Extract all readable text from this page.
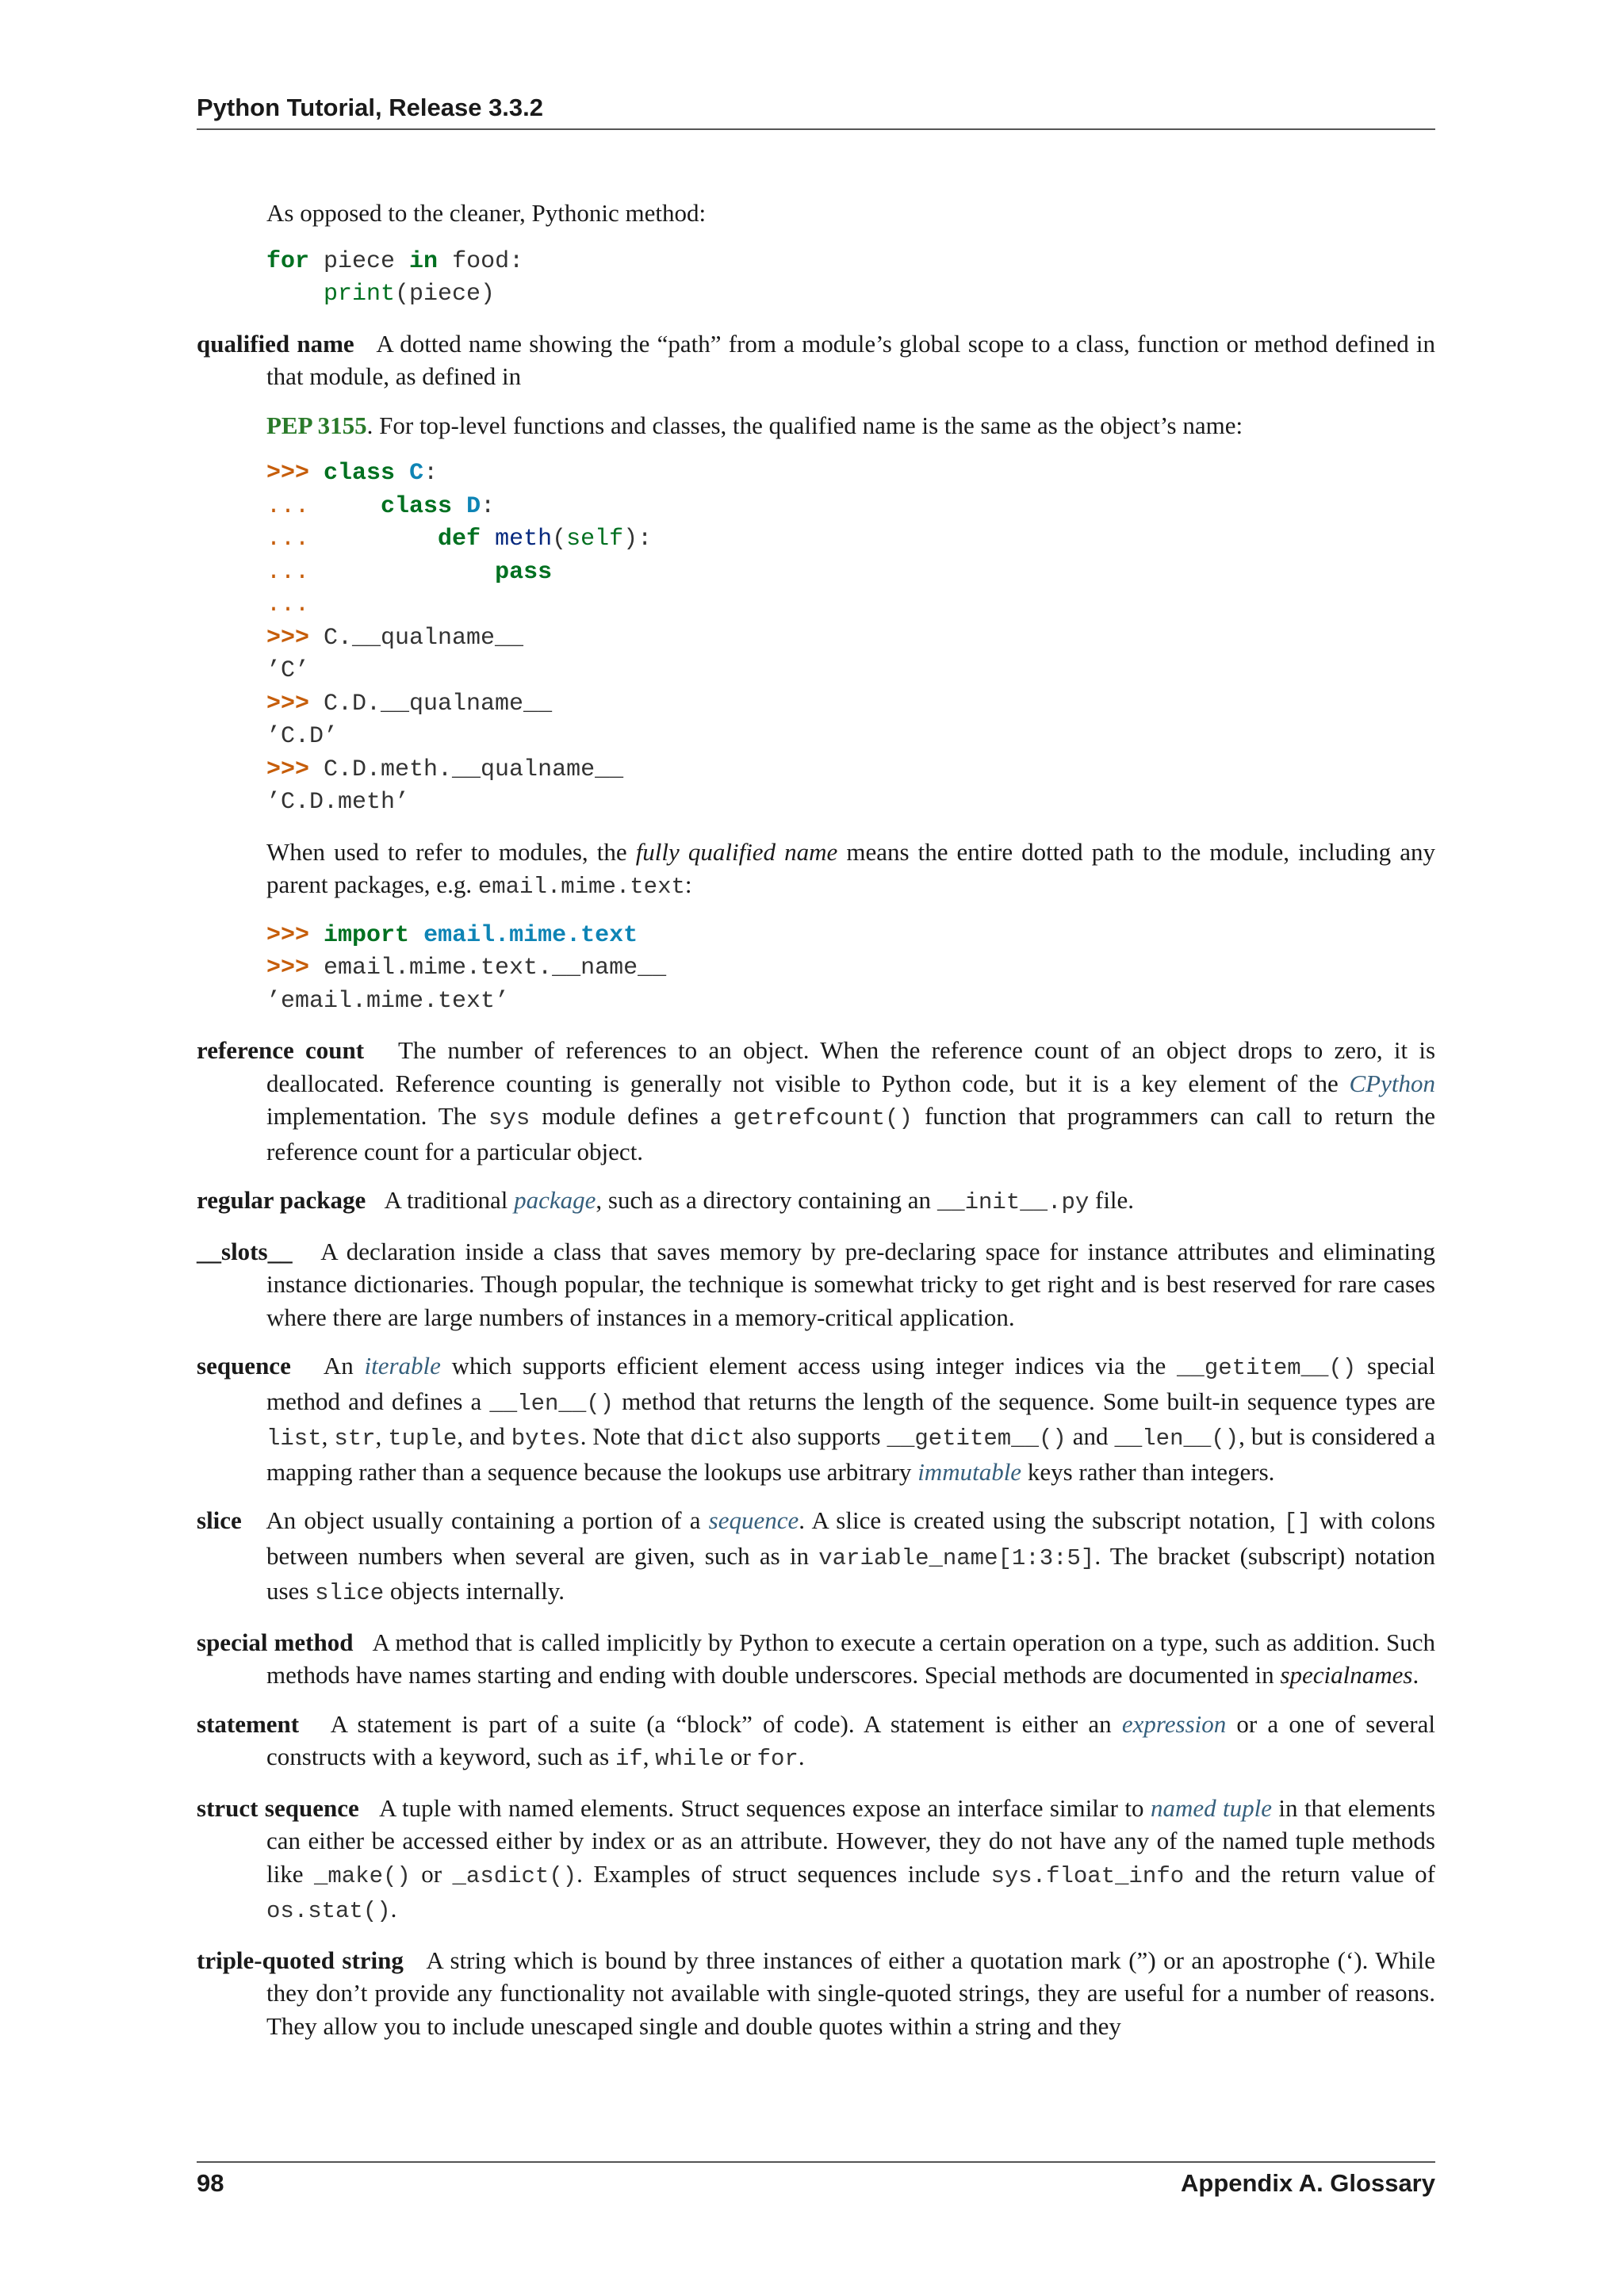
Python Tutorial, Release 3.3.2

As opposed to the cleaner, Pythonic method:

for piece in food:
print(piece)
qualified name A dotted name showing the “path” from a module’s global scope to a class, function or method defined in that module, as defined in

PEP 3155. For top-level functions and classes, the qualified name is the same as the object’s name:

>>> class C:
...	class D:
...	def meth(self):
...	pass
...
>>> C.__qualname__
’C’
>>> C.D.__qualname__
’C.D’
>>> C.D.meth.__qualname__
’C.D.meth’

When used to refer to modules, the fully qualified name means the entire dotted path to the module, including any parent packages, e.g. email.mime.text:

>>> import email.mime.text
>>> email.mime.text.__name__
’email.mime.text’
reference count The number of references to an object. When the reference count of an object drops to zero, it is deallocated. Reference counting is generally not visible to Python code, but it is a key element of the CPython implementation. The sys module defines a getrefcount() function that programmers can call to return the reference count for a particular object.
regular package A traditional package, such as a directory containing an __init__.py file.
__slots__ A declaration inside a class that saves memory by pre-declaring space for instance attributes and eliminating instance dictionaries. Though popular, the technique is somewhat tricky to get right and is best reserved for rare cases where there are large numbers of instances in a memory-critical application.
sequence An iterable which supports efficient element access using integer indices via the __getitem__() special method and defines a __len__() method that returns the length of the sequence. Some built-in sequence types are list, str, tuple, and bytes. Note that dict also supports __getitem__() and __len__(), but is considered a mapping rather than a sequence because the lookups use arbitrary immutable keys rather than integers.
slice An object usually containing a portion of a sequence. A slice is created using the subscript notation, [] with colons between numbers when several are given, such as in variable_name[1:3:5]. The bracket (subscript) notation uses slice objects internally.
special method A method that is called implicitly by Python to execute a certain operation on a type, such as addition. Such methods have names starting and ending with double underscores. Special methods are documented in specialnames.
statement A statement is part of a suite (a “block” of code). A statement is either an expression or a one of several constructs with a keyword, such as if, while or for.
struct sequence A tuple with named elements. Struct sequences expose an interface similar to named tuple in that elements can either be accessed either by index or as an attribute. However, they do not have any of the named tuple methods like _make() or _asdict(). Examples of struct sequences include sys.float_info and the return value of os.stat().
triple-quoted string A string which is bound by three instances of either a quotation mark (”) or an apostrophe (‘). While they don’t provide any functionality not available with single-quoted strings, they are useful for a number of reasons. They allow you to include unescaped single and double quotes within a string and they
98	Appendix A. Glossary
